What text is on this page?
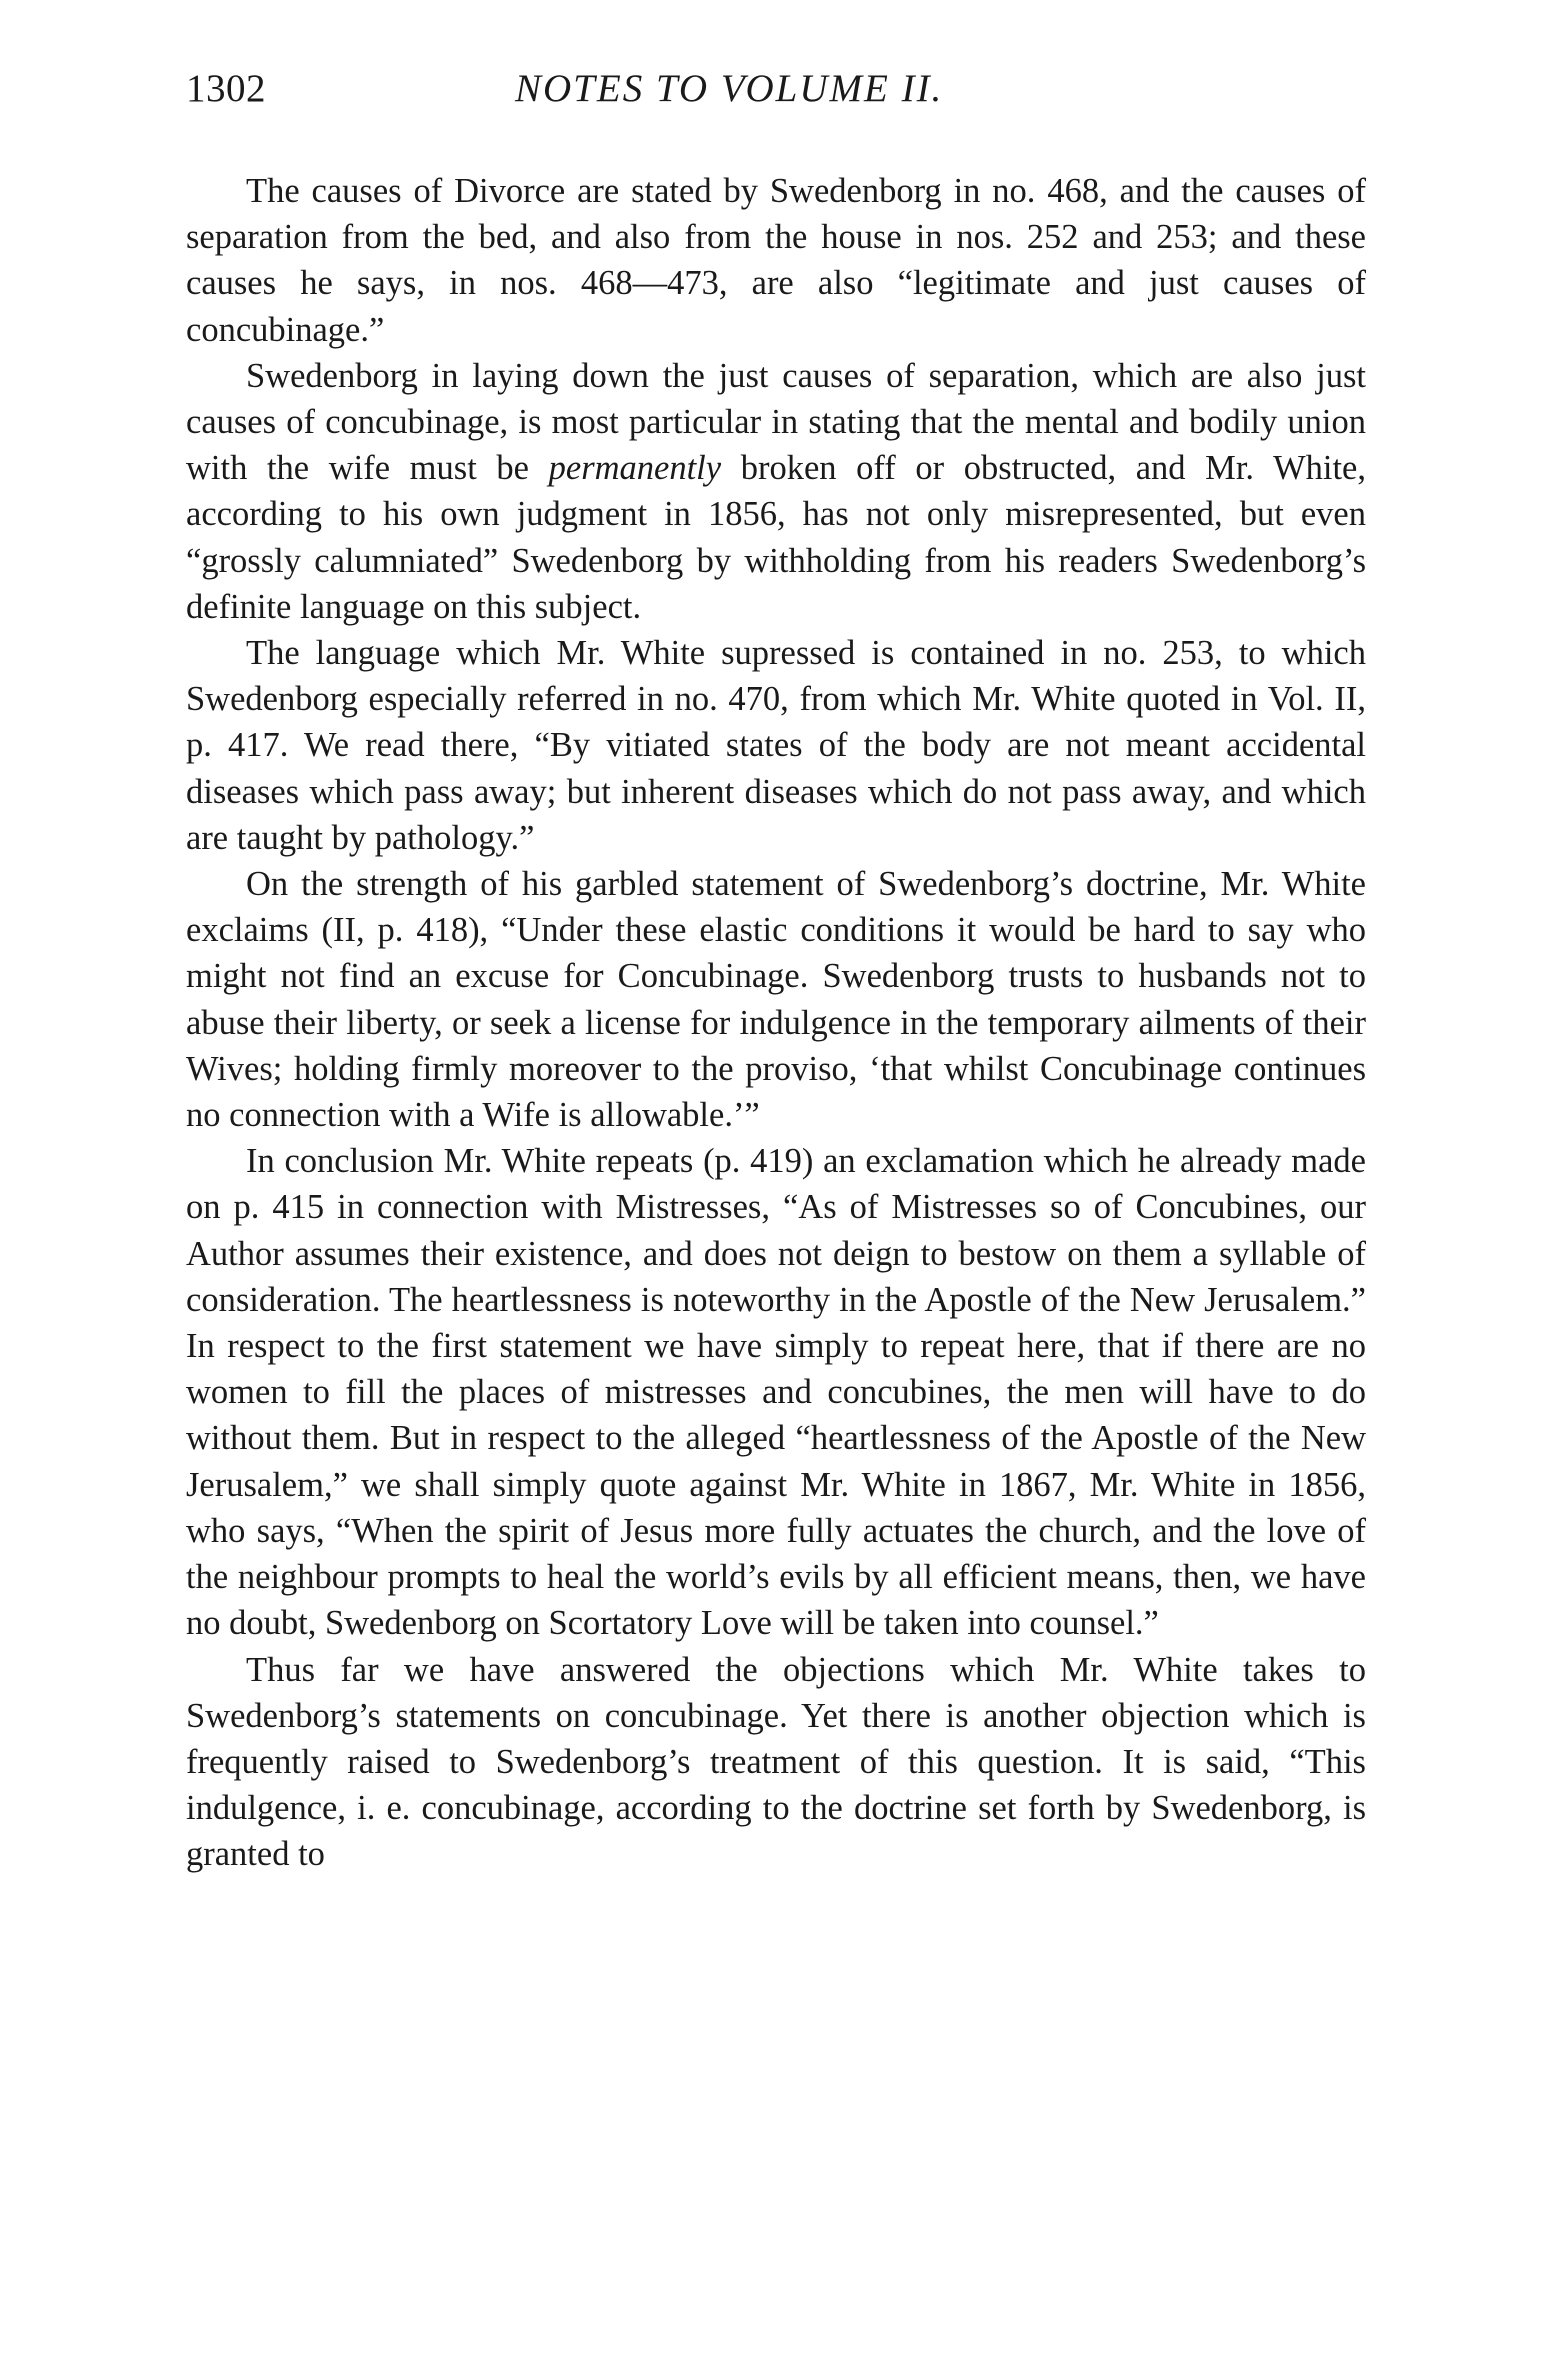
1302	NOTES TO VOLUME II.

The causes of Divorce are stated by Swedenborg in no. 468, and the causes of separation from the bed, and also from the house in nos. 252 and 253; and these causes he says, in nos. 468—473, are also “legitimate and just causes of concubinage.”

Swedenborg in laying down the just causes of separation, which are also just causes of concubinage, is most particular in stating that the mental and bodily union with the wife must be permanently broken off or obstructed, and Mr. White, according to his own judgment in 1856, has not only misrepresented, but even “grossly calumniated” Swedenborg by withholding from his readers Swedenborg’s definite language on this subject.

The language which Mr. White supressed is contained in no. 253, to which Swedenborg especially referred in no. 470, from which Mr. White quoted in Vol. II, p. 417. We read there, “By vitiated states of the body are not meant accidental diseases which pass away; but inherent diseases which do not pass away, and which are taught by pathology.”

On the strength of his garbled statement of Swedenborg’s doctrine, Mr. White exclaims (II, p. 418), “Under these elastic conditions it would be hard to say who might not find an excuse for Concubinage. Swedenborg trusts to husbands not to abuse their liberty, or seek a license for indulgence in the temporary ailments of their Wives; holding firmly moreover to the proviso, ‘that whilst Concubinage continues no connection with a Wife is allowable.’”

In conclusion Mr. White repeats (p. 419) an exclamation which he already made on p. 415 in connection with Mistresses, “As of Mistresses so of Concubines, our Author assumes their existence, and does not deign to bestow on them a syllable of consideration. The heartlessness is noteworthy in the Apostle of the New Jerusalem.” In respect to the first statement we have simply to repeat here, that if there are no women to fill the places of mistresses and concubines, the men will have to do without them. But in respect to the alleged “heartlessness of the Apostle of the New Jerusalem,” we shall simply quote against Mr. White in 1867, Mr. White in 1856, who says, “When the spirit of Jesus more fully actuates the church, and the love of the neighbour prompts to heal the world’s evils by all efficient means, then, we have no doubt, Swedenborg on Scortatory Love will be taken into counsel.”

Thus far we have answered the objections which Mr. White takes to Swedenborg’s statements on concubinage. Yet there is another objection which is frequently raised to Swedenborg’s treatment of this question. It is said, “This indulgence, i. e. concubinage, according to the doctrine set forth by Swedenborg, is granted to
